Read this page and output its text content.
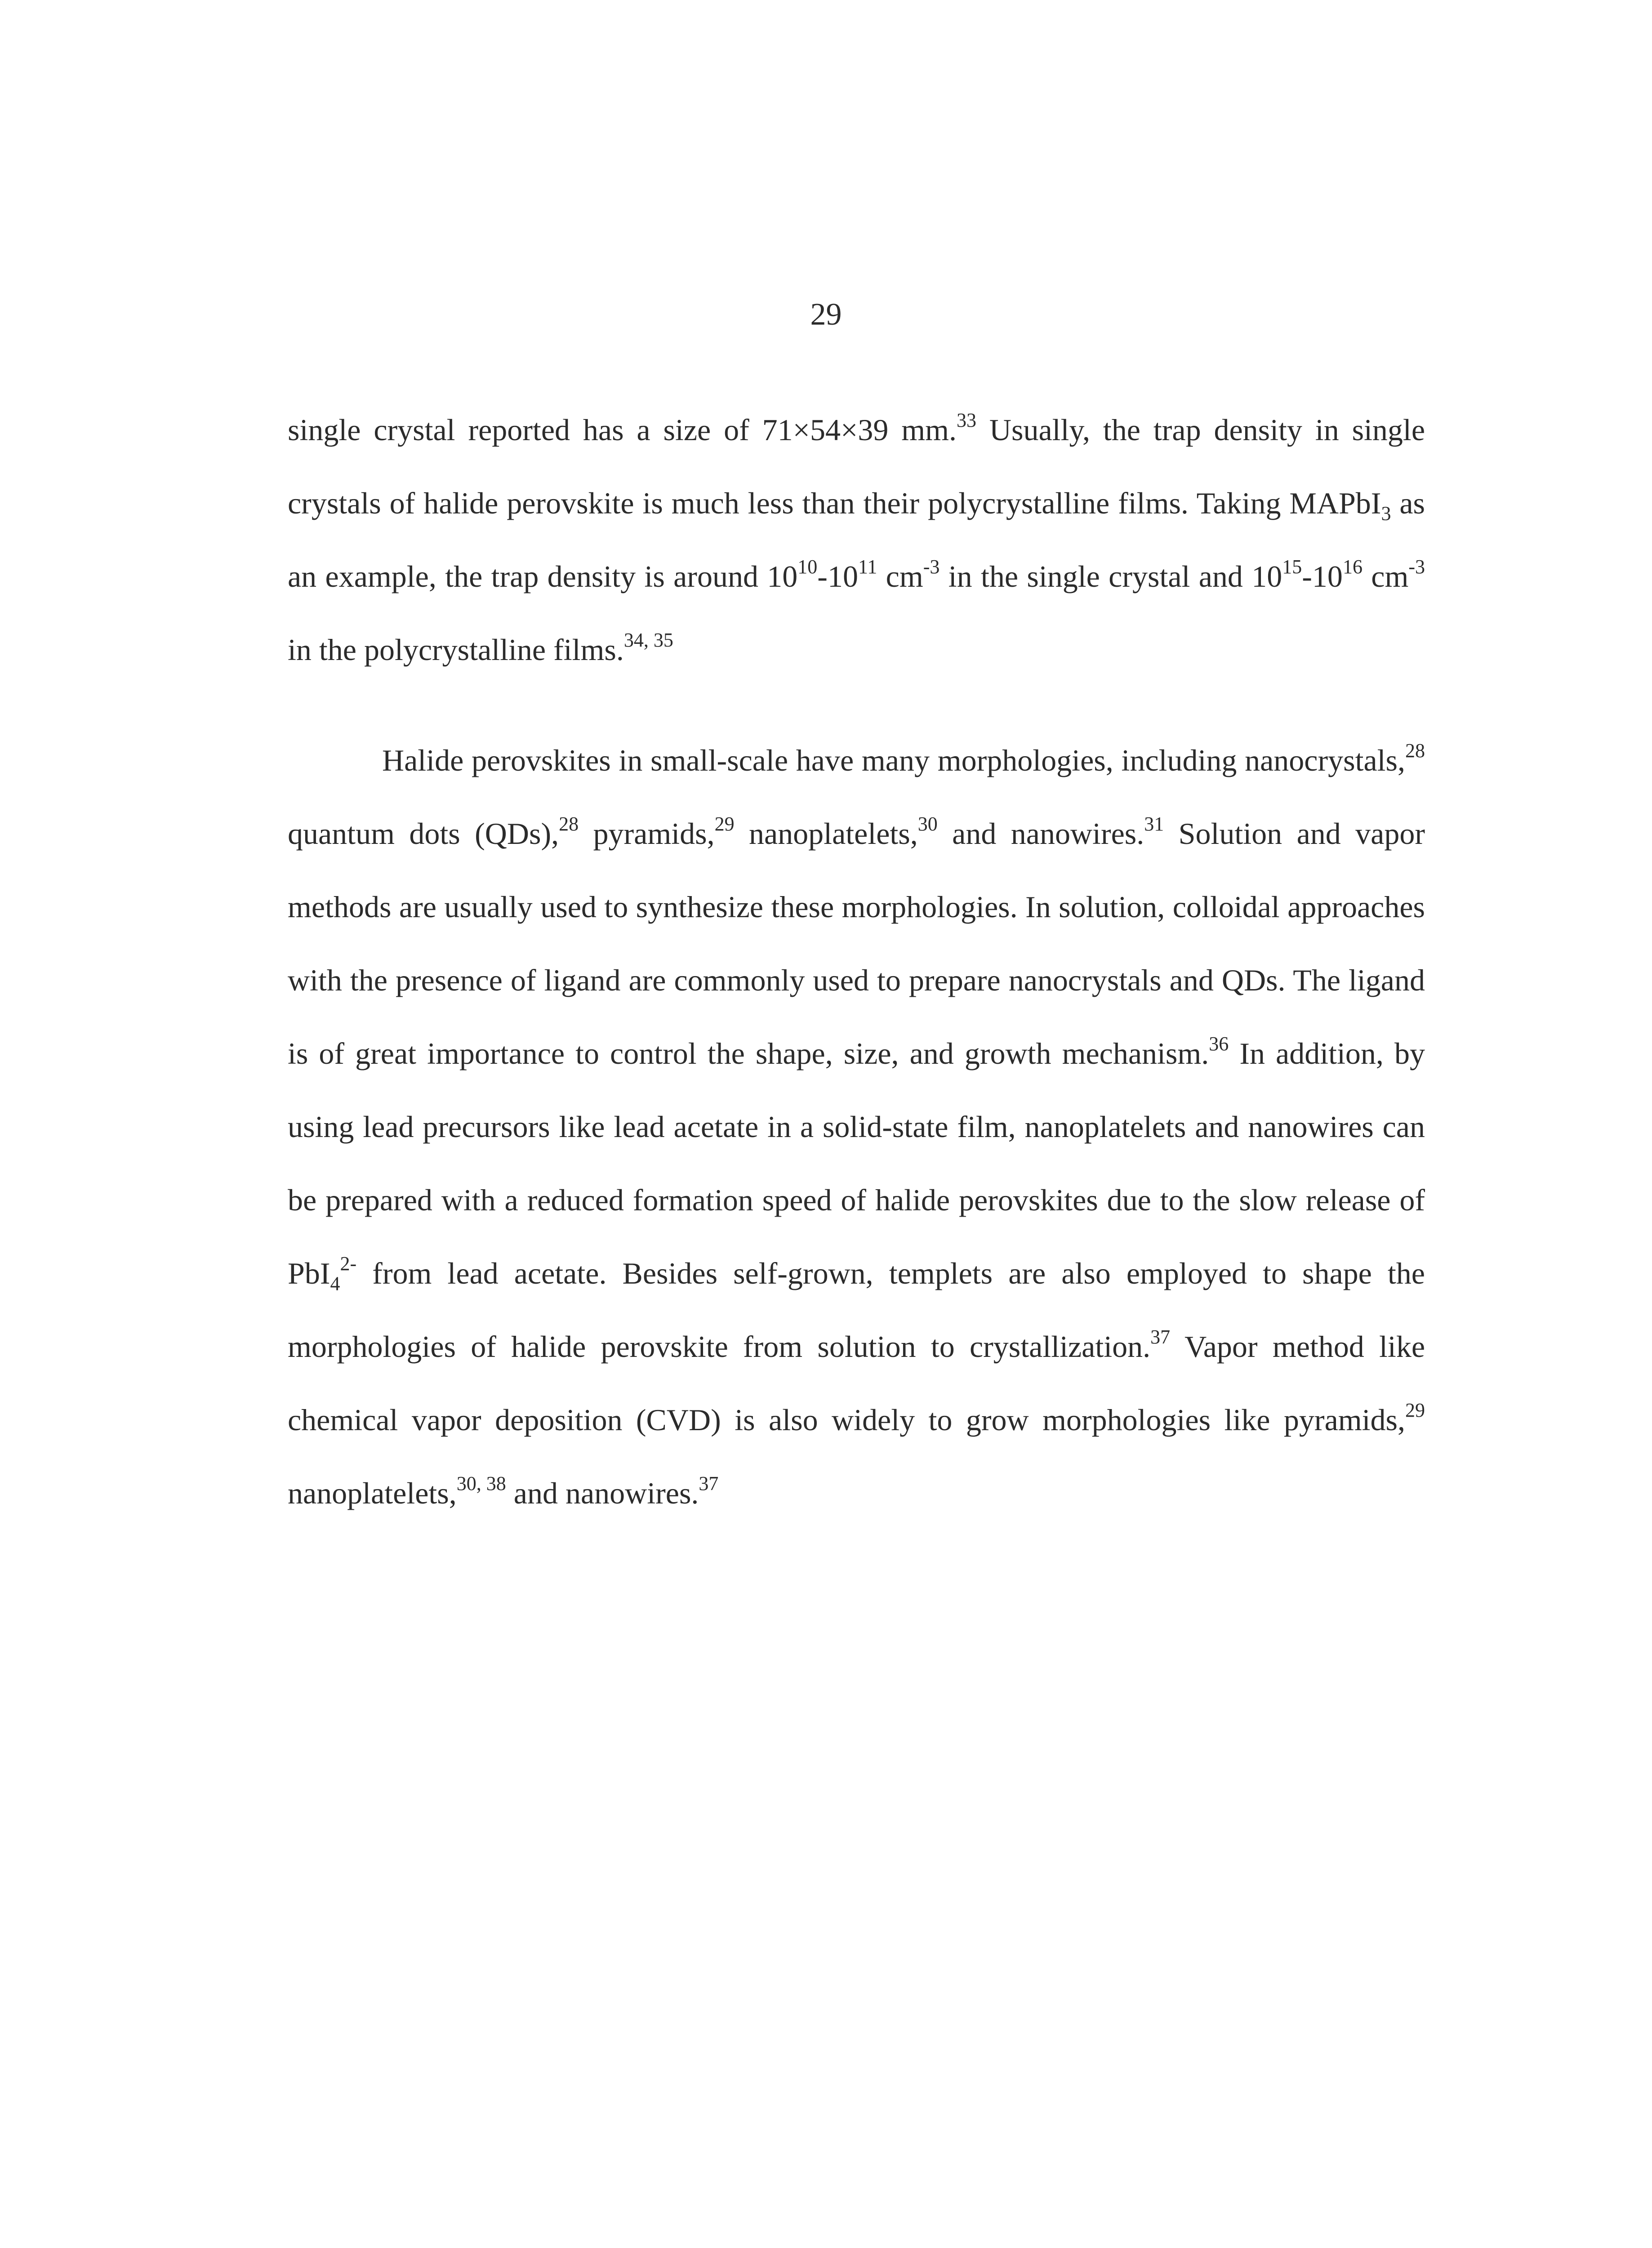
29

single crystal reported has a size of 71×54×39 mm.$^{33}$ Usually, the trap density in single crystals of halide perovskite is much less than their polycrystalline films. Taking MAPbI$_3$ as an example, the trap density is around $10^{10}-10^{11}$ $cm^{-3}$ in the single crystal and $10^{15}-10^{16}$ $cm^{-3}$ in the polycrystalline films.$^{34, 35}$

Halide perovskites in small-scale have many morphologies, including nanocrystals,$^{28}$ quantum dots (QDs),$^{28}$ pyramids,$^{29}$ nanoplatelets,$^{30}$ and nanowires.$^{31}$ Solution and vapor methods are usually used to synthesize these morphologies. In solution, colloidal approaches with the presence of ligand are commonly used to prepare nanocrystals and QDs. The ligand is of great importance to control the shape, size, and growth mechanism.$^{36}$ In addition, by using lead precursors like lead acetate in a solid-state film, nanoplatelets and nanowires can be prepared with a reduced formation speed of halide perovskites due to the slow release of PbI$_4^{2-}$ from lead acetate. Besides self-grown, templets are also employed to shape the morphologies of halide perovskite from solution to crystallization.$^{37}$ Vapor method like chemical vapor deposition (CVD) is also widely to grow morphologies like pyramids,$^{29}$ nanoplatelets,$^{30, 38}$ and nanowires.$^{37}$
